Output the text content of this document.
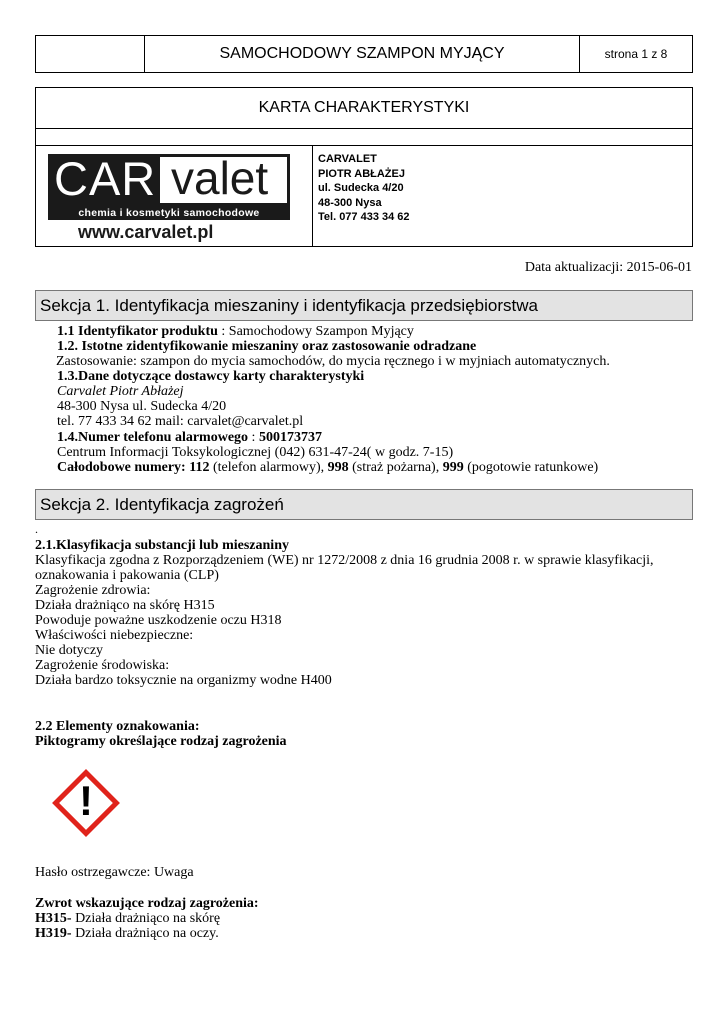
SAMOCHODOWY SZAMPON MYJĄCY	strona 1 z 8
KARTA CHARAKTERYSTYKI
CAR valet
chemia i kosmetyki samochodowe
www.carvalet.pl
CARVALET
PIOTR ABŁAŻEJ
ul. Sudecka 4/20
48-300 Nysa
Tel. 077 433 34 62
Data aktualizacji: 2015-06-01
Sekcja 1. Identyfikacja mieszaniny i identyfikacja przedsiębiorstwa
1.1 Identyfikator produktu : Samochodowy Szampon Myjący
1.2. Istotne zidentyfikowanie mieszaniny oraz zastosowanie odradzane
Zastosowanie: szampon do mycia samochodów, do mycia ręcznego i w myjniach automatycznych.
1.3.Dane dotyczące dostawcy karty charakterystyki
Carvalet Piotr Abłażej
48-300 Nysa ul. Sudecka 4/20
tel. 77 433 34 62 mail: carvalet@carvalet.pl
1.4.Numer telefonu alarmowego : 500173737
Centrum Informacji Toksykologicznej (042) 631-47-24( w godz. 7-15)
Całodobowe numery: 112 (telefon alarmowy), 998 (straż pożarna), 999 (pogotowie ratunkowe)
Sekcja 2. Identyfikacja zagrożeń
.
2.1.Klasyfikacja substancji lub mieszaniny
Klasyfikacja zgodna z Rozporządzeniem (WE) nr 1272/2008 z dnia 16 grudnia 2008 r. w sprawie klasyfikacji,
oznakowania i pakowania (CLP)
Zagrożenie zdrowia:
Działa drażniąco na skórę H315
Powoduje poważne uszkodzenie oczu H318
Właściwości niebezpieczne:
Nie dotyczy
Zagrożenie środowiska:
Działa bardzo toksycznie na organizmy wodne H400
2.2 Elementy oznakowania:
Piktogramy określające rodzaj zagrożenia
!
Hasło ostrzegawcze: Uwaga
Zwrot wskazujące rodzaj zagrożenia:
H315- Działa drażniąco na skórę
H319- Działa drażniąco na oczy.
